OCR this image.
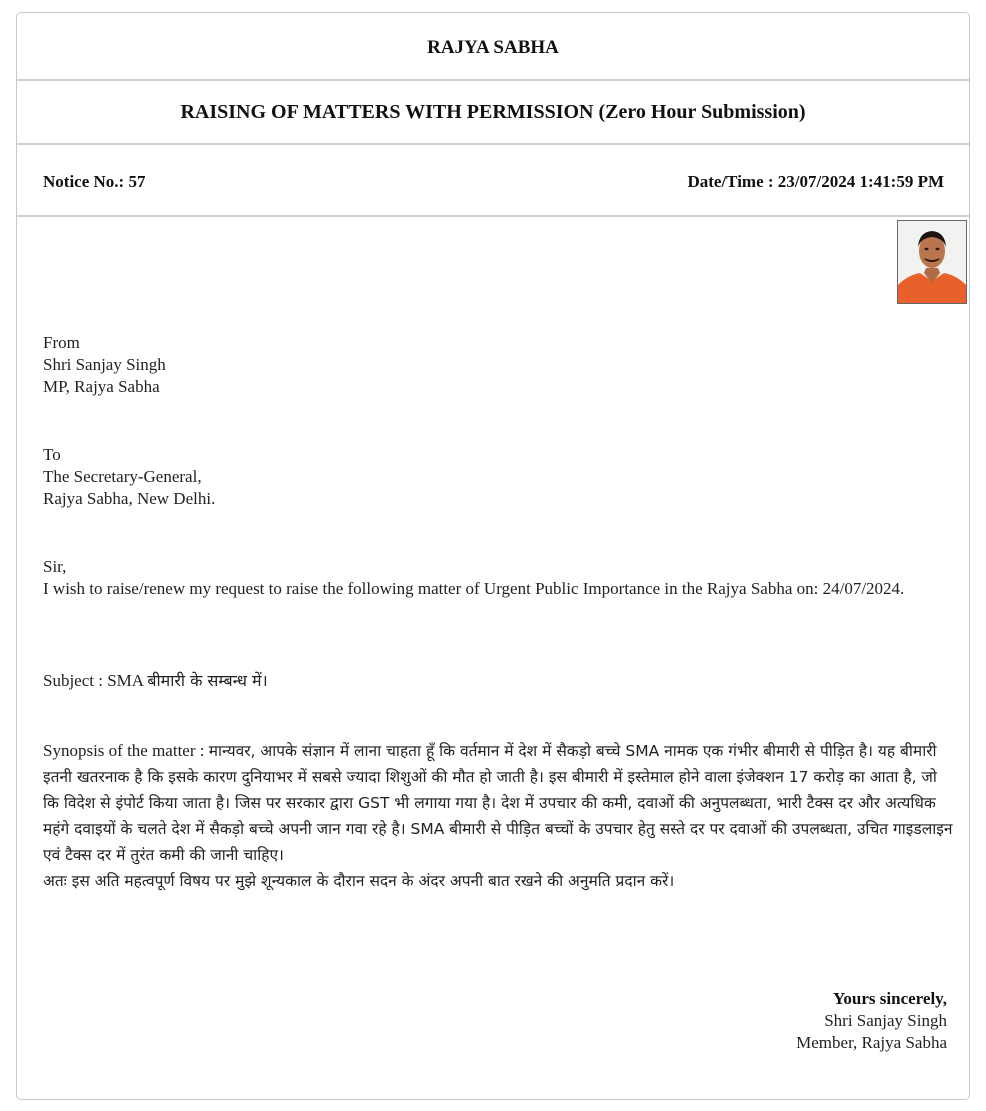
RAJYA SABHA
RAISING OF MATTERS WITH PERMISSION (Zero Hour Submission)
Notice No.: 57	Date/Time : 23/07/2024 1:41:59 PM
From
Shri Sanjay Singh
MP, Rajya Sabha
To
The Secretary-General,
Rajya Sabha, New Delhi.
Sir,
I wish to raise/renew my request to raise the following matter of Urgent Public Importance in the Rajya Sabha on: 24/07/2024.
Subject : SMA बीमारी के सम्बन्ध में।
Synopsis of the matter : मान्यवर, आपके संज्ञान में लाना चाहता हूँ कि वर्तमान में देश में सैकड़ो बच्चे SMA नामक एक गंभीर बीमारी से पीड़ित है। यह बीमारी इतनी खतरनाक है कि इसके कारण दुनियाभर में सबसे ज्यादा शिशुओं की मौत हो जाती है। इस बीमारी में इस्तेमाल होने वाला इंजेक्शन 17 करोड़ का आता है, जो कि विदेश से इंपोर्ट किया जाता है। जिस पर सरकार द्वारा GST भी लगाया गया है। देश में उपचार की कमी, दवाओं की अनुपलब्धता, भारी टैक्स दर और अत्यधिक महंगे दवाइयों के चलते देश में सैकड़ो बच्चे अपनी जान गवा रहे है। SMA बीमारी से पीड़ित बच्चों के उपचार हेतु सस्ते दर पर दवाओं की उपलब्धता, उचित गाइडलाइन एवं टैक्स दर में तुरंत कमी की जानी चाहिए।
अतः इस अति महत्वपूर्ण विषय पर मुझे शून्यकाल के दौरान सदन के अंदर अपनी बात रखने की अनुमति प्रदान करें।
Yours sincerely,
Shri Sanjay Singh
Member, Rajya Sabha
